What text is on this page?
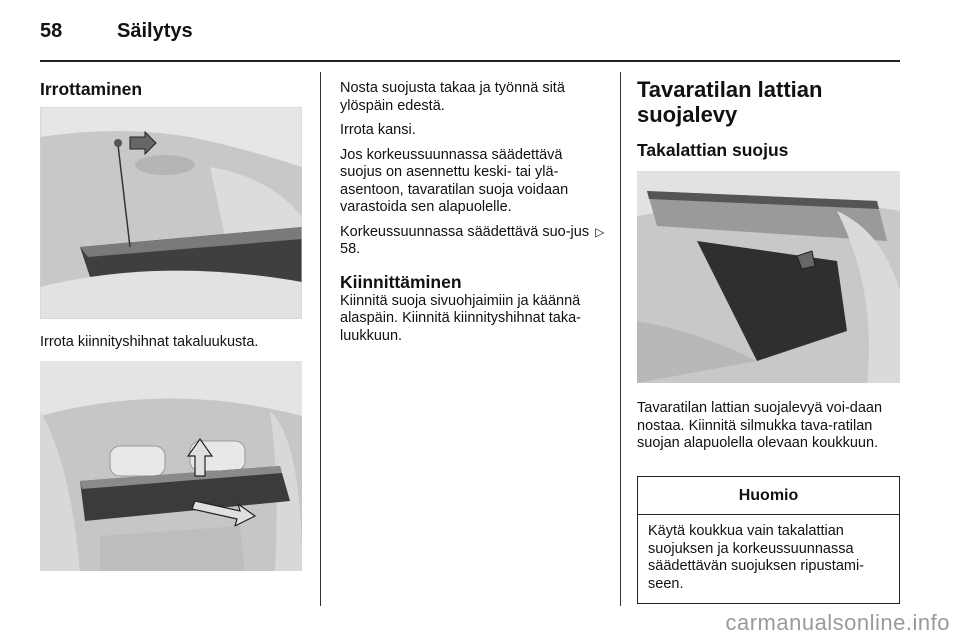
58	Säilytys
Irrottaminen
Irrota kiinnityshihnat takaluukusta.
Nosta suojusta takaa ja työnnä sitä ylöspäin edestä.
Irrota kansi.
Jos korkeussuunnassa säädettävä suojus on asennettu keski- tai ylä-asentoon, tavaratilan suoja voidaan varastoida sen alapuolelle.
Korkeussuunnassa säädettävä suo-jus ▷ 58.
Kiinnittäminen
Kiinnitä suoja sivuohjaimiin ja käännä alaspäin. Kiinnitä kiinnityshihnat taka-luukkuun.
Tavaratilan lattian suojalevy
Takalattian suojus
Tavaratilan lattian suojalevyä voi-daan nostaa. Kiinnitä silmukka tava-ratilan suojan alapuolella olevaan koukkuun.
Huomio
Käytä koukkua vain takalattian suojuksen ja korkeussuunnassa säädettävän suojuksen ripustami-seen.
carmanualsonline.info
